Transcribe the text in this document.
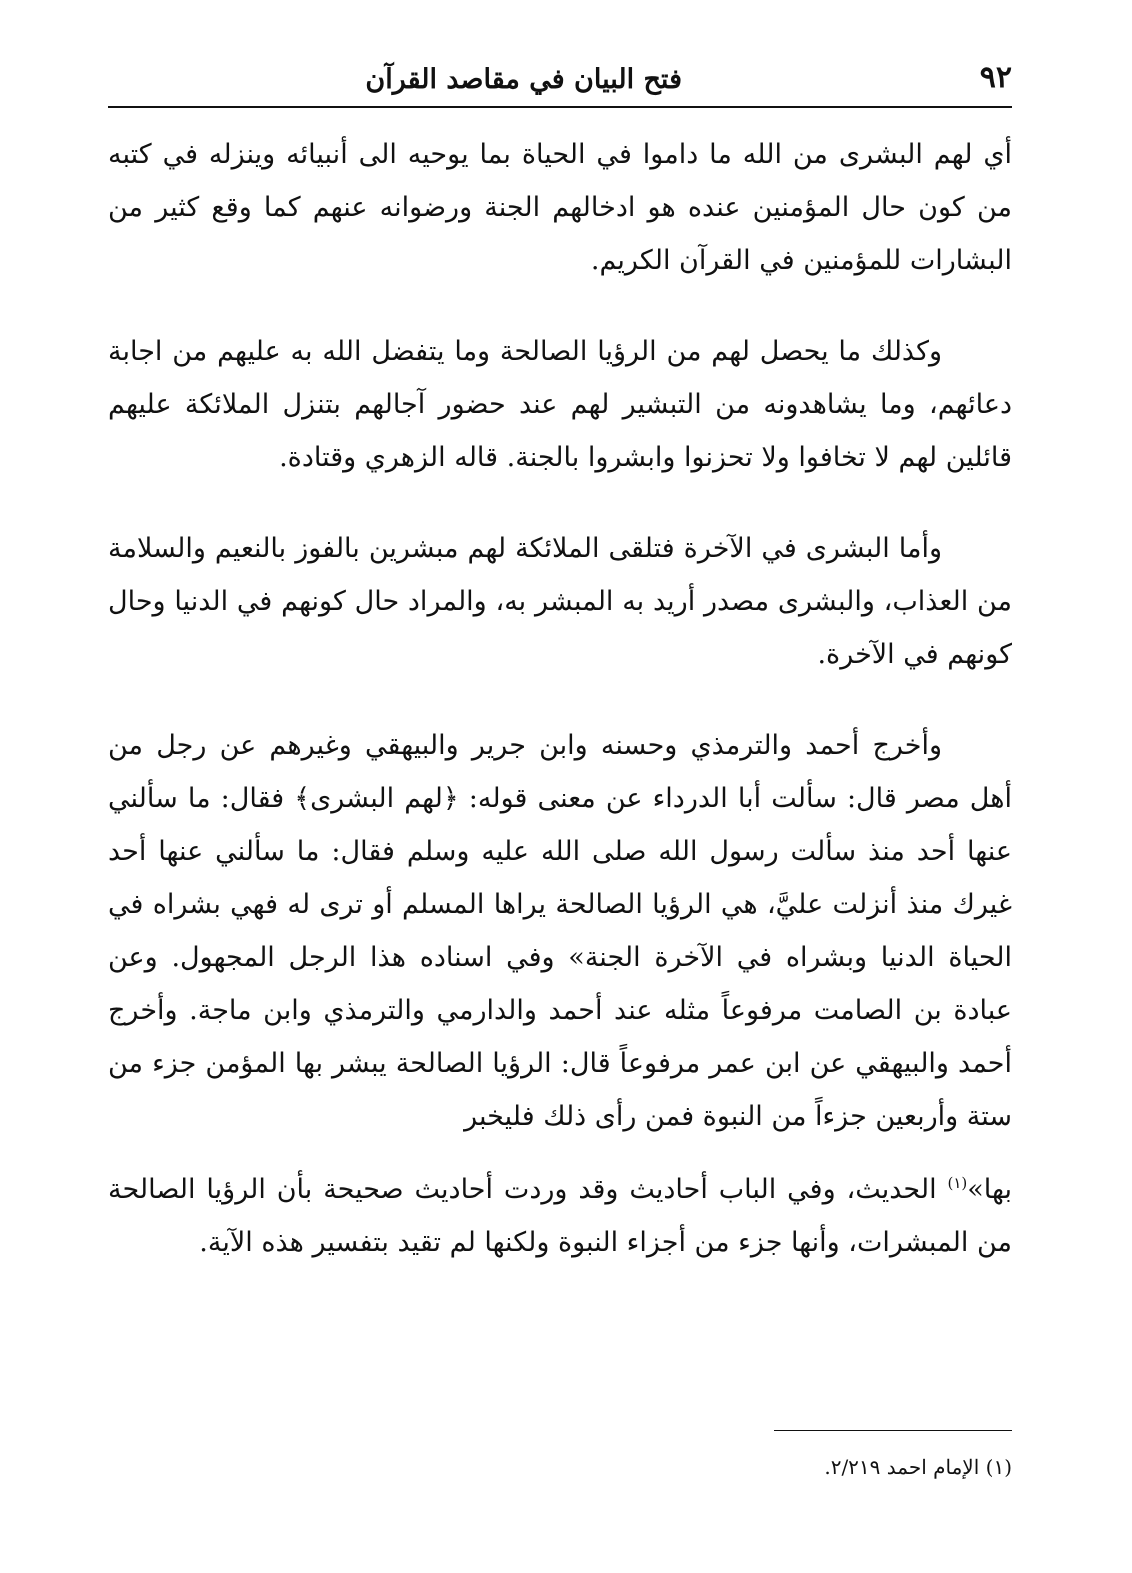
٩٢
فتح البيان في مقاصد القرآن

أي لهم البشرى من الله ما داموا في الحياة بما يوحيه الى أنبيائه وينزله في كتبه من كون حال المؤمنين عنده هو ادخالهم الجنة ورضوانه عنهم كما وقع كثير من البشارات للمؤمنين في القرآن الكريم.

وكذلك ما يحصل لهم من الرؤيا الصالحة وما يتفضل الله به عليهم من اجابة دعائهم، وما يشاهدونه من التبشير لهم عند حضور آجالهم بتنزل الملائكة عليهم قائلين لهم لا تخافوا ولا تحزنوا وابشروا بالجنة. قاله الزهري وقتادة.

وأما البشرى في الآخرة فتلقى الملائكة لهم مبشرين بالفوز بالنعيم والسلامة من العذاب، والبشرى مصدر أريد به المبشر به، والمراد حال كونهم في الدنيا وحال كونهم في الآخرة.

وأخرج أحمد والترمذي وحسنه وابن جرير والبيهقي وغيرهم عن رجل من أهل مصر قال: سألت أبا الدرداء عن معنى قوله: ﴿لهم البشرى﴾ فقال: ما سألني عنها أحد منذ سألت رسول الله صلى الله عليه وسلم فقال: ما سألني عنها أحد غيرك منذ أنزلت عليَّ، هي الرؤيا الصالحة يراها المسلم أو ترى له فهي بشراه في الحياة الدنيا وبشراه في الآخرة الجنة» وفي اسناده هذا الرجل المجهول. وعن عبادة بن الصامت مرفوعاً مثله عند أحمد والدارمي والترمذي وابن ماجة. وأخرج أحمد والبيهقي عن ابن عمر مرفوعاً قال: الرؤيا الصالحة يبشر بها المؤمن جزء من ستة وأربعين جزءاً من النبوة فمن رأى ذلك فليخبر

بها»$^{(١)}$ الحديث، وفي الباب أحاديث وقد وردت أحاديث صحيحة بأن الرؤيا الصالحة من المبشرات، وأنها جزء من أجزاء النبوة ولكنها لم تقيد بتفسير هذه الآية.

(١) الإمام احمد ٢/٢١٩.
